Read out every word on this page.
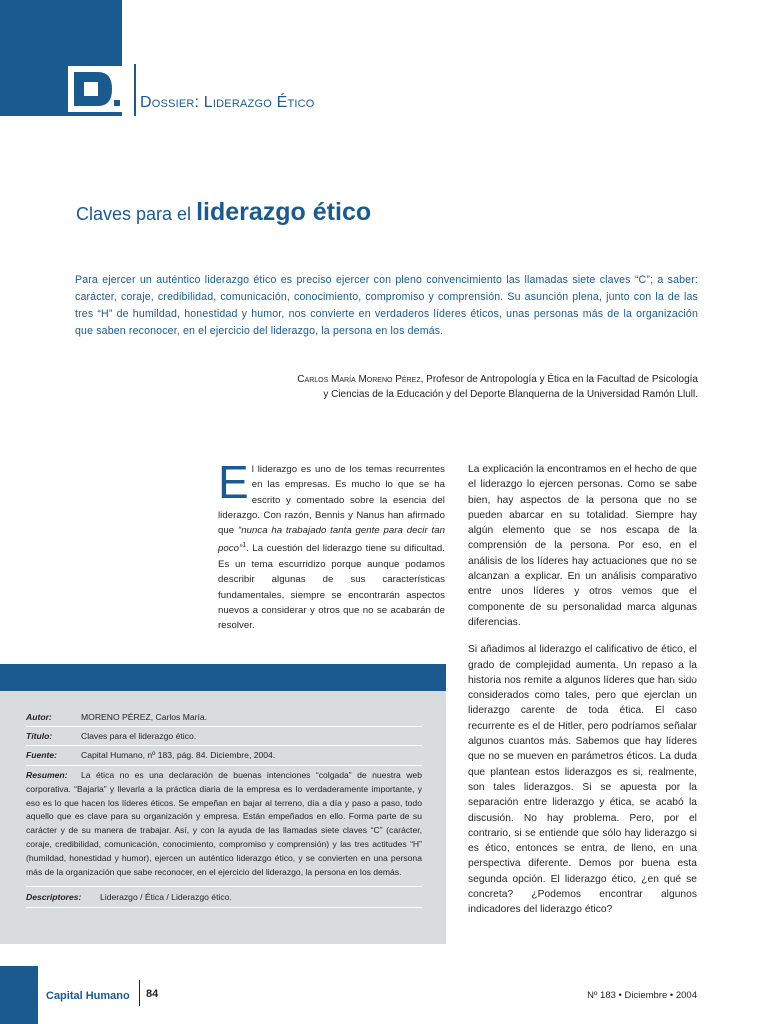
Dossier: Liderazgo Ético
Claves para el liderazgo ético
Para ejercer un auténtico liderazgo ético es preciso ejercer con pleno convencimiento las llamadas siete claves “C”; a saber: carácter, coraje, credibilidad, comunicación, conocimiento, compromiso y comprensión. Su asunción plena, junto con la de las tres “H” de humildad, honestidad y humor, nos convierte en verdaderos líderes éticos, unas personas más de la organización que saben reconocer, en el ejercicio del liderazgo, la persona en los demás.
Carlos María Moreno Pérez, Profesor de Antropología y Ética en la Facultad de Psicología
y Ciencias de la Educación y del Deporte Blanquerna de la Universidad Ramón Llull.

El liderazgo es uno de los temas recurrentes en las empresas. Es mucho lo que se ha escrito y comentado sobre la esencia del liderazgo. Con razón, Bennis y Nanus han afirmado que “nunca ha trabajado tanta gente para decir tan poco”$^1$. La cuestión del liderazgo tiene su dificultad. Es un tema escurridizo porque aunque podamos describir algunas de sus características fundamentales, siempre se encontrarán aspectos nuevos a considerar y otros que no se acabarán de resolver.

La explicación la encontramos en el hecho de que el liderazgo lo ejercen personas. Como se sabe bien, hay aspectos de la persona que no se pueden abarcar en su totalidad. Siempre hay algún elemento que se nos escapa de la comprensión de la persona. Por eso, en el análisis de los líderes hay actuaciones que no se alcanzan a explicar. En un análisis comparativo entre unos líderes y otros vemos que el componente de su personalidad marca algunas diferencias.

Si añadimos al liderazgo el calificativo de ético, el grado de complejidad aumenta. Un repaso a la historia nos remite a algunos líderes que han sido considerados como tales, pero que ejerclan un liderazgo carente de toda ética. El caso recurrente es el de Hitler, pero podríamos señalar algunos cuantos más. Sabemos que hay líderes que no se mueven en parámetros éticos. La duda que plantean estos liderazgos es si, realmente, son tales liderazgos. Si se apuesta por la separación entre liderazgo y ética, se acabó la discusión. No hay problema. Pero, por el contrario, si se entiende que sólo hay liderazgo si es ético, entonces se entra, de lleno, en una perspectiva diferente. Demos por buena esta segunda opción. El liderazgo ético, ¿en qué se concreta? ¿Podemos encontrar algunos indicadores del liderazgo ético?

Ficha técnica
Autor:	MORENO PÉREZ, Carlos María.
Título:	Claves para el liderazgo ético.
Fuente:	Capital Humano, nº 183, pág. 84. Diciembre, 2004.
Resumen:	La ética no es una declaración de buenas intenciones “colgada” de nuestra web corporativa. “Bajarla” y llevarla a la práctica diaria de la empresa es lo verdaderamente importante, y eso es lo que hacen los líderes éticos. Se empeñan en bajar al terreno, día a día y paso a paso, todo aquello que es clave para su organización y empresa. Están empeñados en ello. Forma parte de su carácter y de su manera de trabajar. Así, y con la ayuda de las llamadas siete claves “C” (carácter, coraje, credibilidad, comunicación, conocimiento, compromiso y comprensión) y las tres actitudes “H” (humildad, honestidad y humor), ejercen un auténtico liderazgo ético, y se convierten en una persona más de la organización que sabe reconocer, en el ejercicio del liderazgo, la persona en los demás.
Descriptores: Liderazgo / Ética / Liderazgo ético.
Capital Humano 84	Nº 183 • Diciembre • 2004
